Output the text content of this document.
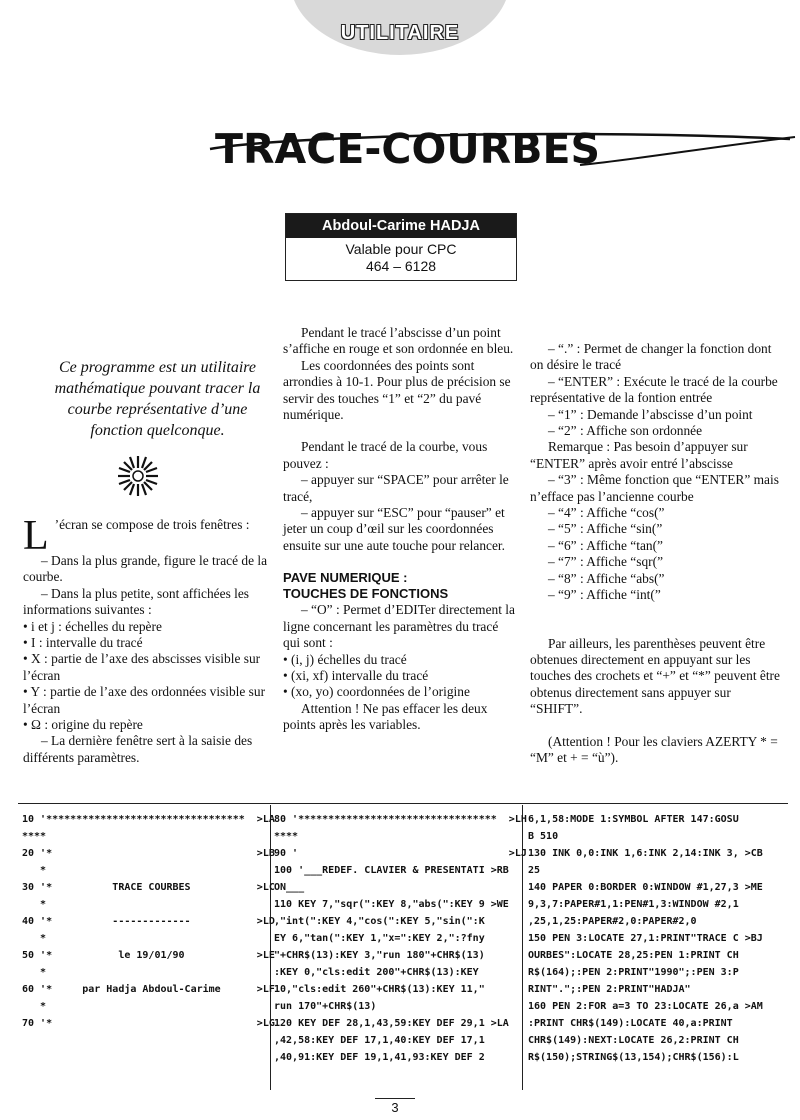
UTILITAIRE
TRACE-COURBES
Abdoul-Carime HADJA
Valable pour CPC
464 – 6128
Ce programme est un utilitaire mathématique pouvant tracer la courbe représentative d’une fonction quelconque.

L ’écran se compose de trois fenêtres :

– Dans la plus grande, figure le tracé de la courbe.

– Dans la plus petite, sont affichées les informations suivantes :

• i et j : échelles du repère

• I : intervalle du tracé

• X : partie de l’axe des abscisses visible sur l’écran

• Y : partie de l’axe des ordonnées visible sur l’écran

• Ω : origine du repère

– La dernière fenêtre sert à la saisie des différents paramètres.

Pendant le tracé l’abscisse d’un point s’affiche en rouge et son ordonnée en bleu.

Les coordonnées des points sont arrondies à 10-1. Pour plus de précision se servir des touches “1” et “2” du pavé numérique.

Pendant le tracé de la courbe, vous pouvez :

– appuyer sur “SPACE” pour arrêter le tracé,

– appuyer sur “ESC” pour “pauser” et jeter un coup d’œil sur les coordonnées ensuite sur une aute touche pour relancer.

PAVE NUMERIQUE :

TOUCHES DE FONCTIONS

– “O” : Permet d’EDITer directement la ligne concernant les paramètres du tracé qui sont :

• (i, j) échelles du tracé

• (xi, xf) intervalle du tracé

• (xo, yo) coordonnées de l’origine

Attention ! Ne pas effacer les deux points après les variables.

– “.” : Permet de changer la fonction dont on désire le tracé

– “ENTER” : Exécute le tracé de la courbe représentative de la fontion entrée

– “1” : Demande l’abscisse d’un point

– “2” : Affiche son ordonnée

Remarque : Pas besoin d’appuyer sur “ENTER” après avoir entré l’abscisse

– “3” : Même fonction que “ENTER” mais n’efface pas l’ancienne courbe

– “4” : Affiche “cos(”

– “5” : Affiche “sin(”

– “6” : Affiche “tan(”

– “7” : Affiche “sqr(”

– “8” : Affiche “abs(”

– “9” : Affiche “int(”

Par ailleurs, les parenthèses peuvent être obtenues directement en appuyant sur les touches des crochets et “+” et “*” peuvent être obtenus directement sans appuyer sur “SHIFT”.

(Attention ! Pour les claviers AZERTY * = “M” et + = “ù”).

10 '*********************************  >LA
****
20 '*                                  >LB
*
30 '*          TRACE COURBES           >LC
*
40 '*          -------------           >LD
*
50 '*           le 19/01/90            >LE
*
60 '*     par Hadja Abdoul-Carime      >LF
*
70 '*                                  >LG
80 '*********************************  >LH
****
90 '                                   >LJ
100 '___REDEF. CLAVIER & PRESENTATI >RB
ON___
110 KEY 7,"sqr(":KEY 8,"abs(":KEY 9 >WE
,"int(":KEY 4,"cos(":KEY 5,"sin(":K
EY 6,"tan(":KEY 1,"x=":KEY 2,":?fny
"+CHR$(13):KEY 3,"run 180"+CHR$(13)
:KEY 0,"cls:edit 200"+CHR$(13):KEY
10,"cls:edit 260"+CHR$(13):KEY 11,"
run 170"+CHR$(13)
120 KEY DEF 28,1,43,59:KEY DEF 29,1 >LA
,42,58:KEY DEF 17,1,40:KEY DEF 17,1
,40,91:KEY DEF 19,1,41,93:KEY DEF 2
6,1,58:MODE 1:SYMBOL AFTER 147:GOSU
B 510
130 INK 0,0:INK 1,6:INK 2,14:INK 3, >CB
25
140 PAPER 0:BORDER 0:WINDOW #1,27,3 >ME
9,3,7:PAPER#1,1:PEN#1,3:WINDOW #2,1
,25,1,25:PAPER#2,0:PAPER#2,0
150 PEN 3:LOCATE 27,1:PRINT"TRACE C >BJ
OURBES":LOCATE 28,25:PEN 1:PRINT CH
R$(164);:PEN 2:PRINT"1990";:PEN 3:P
RINT".";:PEN 2:PRINT"HADJA"
160 PEN 2:FOR a=3 TO 23:LOCATE 26,a >AM
:PRINT CHR$(149):LOCATE 40,a:PRINT
CHR$(149):NEXT:LOCATE 26,2:PRINT CH
R$(150);STRING$(13,154);CHR$(156):L
3
